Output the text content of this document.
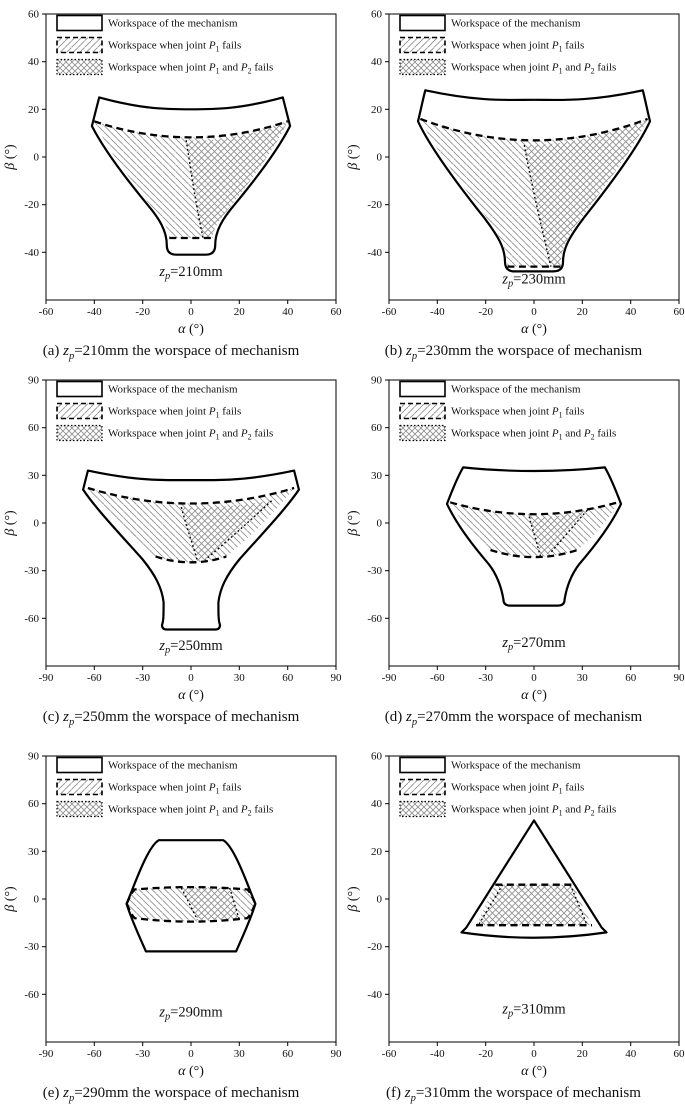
-60	-40	-20	0	20	40	60
60
40
20
0
-20
-40
α (°)
β (°)
Workspace of the mechanism
Workspace when joint $P_1$ fails
Workspace when joint $P_1$ and $P_2$ fails
$z_p=210mm$
(a) $z_p=210mm$ the worspace of mechanism
-60	-40	-20	0	20	40	60
60
40
20
0
-20
-40
α (°)
β (°)
Workspace of the mechanism
Workspace when joint $P_1$ fails
Workspace when joint $P_1$ and $P_2$ fails
$z_p=230mm$
(b) $z_p=230mm$ the worspace of mechanism
-90	-60	-30	0	30	60	90
90
60
30
0
-30
-60
α (°)
β (°)
Workspace of the mechanism
Workspace when joint $P_1$ fails
Workspace when joint $P_1$ and $P_2$ fails
$z_p=250mm$
(c) $z_p=250mm$ the worspace of mechanism
-90	-60	-30	0	30	60	90
90
60
30
0
-30
-60
α (°)
β (°)
Workspace of the mechanism
Workspace when joint $P_1$ fails
Workspace when joint $P_1$ and $P_2$ fails
$z_p=270mm$
(d) $z_p=270mm$ the worspace of mechanism
-90	-60	-30	0	30	60	90
90
60
30
0
-30
-60
α (°)
β (°)
Workspace of the mechanism
Workspace when joint $P_1$ fails
Workspace when joint $P_1$ and $P_2$ fails
$z_p=290mm$
(e) $z_p=290mm$ the worspace of mechanism
-60	-40	-20	0	20	40	60
60
40
20
0
-20
-40
α (°)
β (°)
Workspace of the mechanism
Workspace when joint $P_1$ fails
Workspace when joint $P_1$ and $P_2$ fails
$z_p=310mm$
(f) $z_p=310mm$ the worspace of mechanism
